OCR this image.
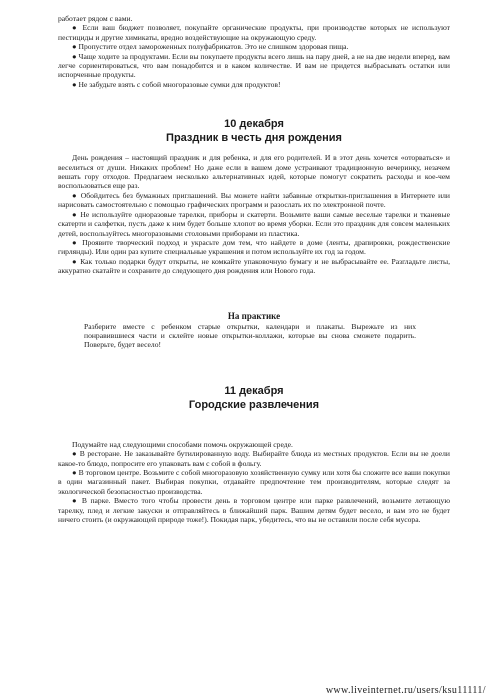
работает рядом с вами.

● Если ваш бюджет позволяет, покупайте органические продукты, при производстве которых не используют пестициды и другие химикаты, вредно воздействующие на окружающую среду.

● Пропустите отдел замороженных полуфабрикатов. Это не слишком здоровая пища.

● Чаще ходите за продуктами. Если вы покупаете продукты всего лишь на пару дней, а не на две недели вперед, вам легче сориентироваться, что вам понадобится и в каком количестве. И вам не придется выбрасывать остатки или испорченные продукты.

● Не забудьте взять с собой многоразовые сумки для продуктов!

10 декабря
Праздник в честь дня рождения

День рождения – настоящий праздник и для ребенка, и для его родителей. И в этот день хочется «оторваться» и веселиться от души. Никаких проблем! Но даже если в вашем доме устраивают традиционную вечеринку, незачем вешать гору отходов. Предлагаем несколько альтернативных идей, которые помогут сократить расходы и кое-чем воспользоваться еще раз.

● Обойдитесь без бумажных приглашений. Вы можете найти забавные открытки-приглашения в Интернете или нарисовать самостоятельно с помощью графических программ и разослать их по электронной почте.

● Не используйте одноразовые тарелки, приборы и скатерти. Возьмите ваши самые веселые тарелки и тканевые скатерти и салфетки, пусть даже к ним будет больше хлопот во время уборки. Если это праздник для совсем маленьких детей, воспользуйтесь многоразовыми столовыми приборами из пластика.

● Проявите творческий подход и украсьте дом тем, что найдете в доме (ленты, драпировки, рождественские гирлянды). Или один раз купите специальные украшения и потом используйте их год за годом.

● Как только подарки будут открыты, не комкайте упаковочную бумагу и не выбрасывайте ее. Разгладьте листы, аккуратно скатайте и сохраните до следующего дня рождения или Нового года.

На практике

Разберите вместе с ребенком старые открытки, календари и плакаты. Вырежьте из них понравившиеся части и склейте новые открытки-коллажи, которые вы снова сможете подарить. Поверьте, будет весело!

11 декабря
Городские развлечения

Подумайте над следующими способами помочь окружающей среде.

● В ресторане. Не заказывайте бутилированную воду. Выбирайте блюда из местных продуктов. Если вы не доели какое-то блюдо, попросите его упаковать вам с собой в фольгу.

● В торговом центре. Возьмите с собой многоразовую хозяйственную сумку или хотя бы сложите все ваши покупки в один магазинный пакет. Выбирая покупки, отдавайте предпочтение тем производителям, которые следят за экологической безопасностью производства.

● В парке. Вместо того чтобы провести день в торговом центре или парке развлечений, возьмите летающую тарелку, плед и легкие закуски и отправляйтесь в ближайший парк. Вашим детям будет весело, и вам это не будет ничего стоить (и окружающей природе тоже!). Покидая парк, убедитесь, что вы не оставили после себя мусора.

www.liveinternet.ru/users/ksu11111/
